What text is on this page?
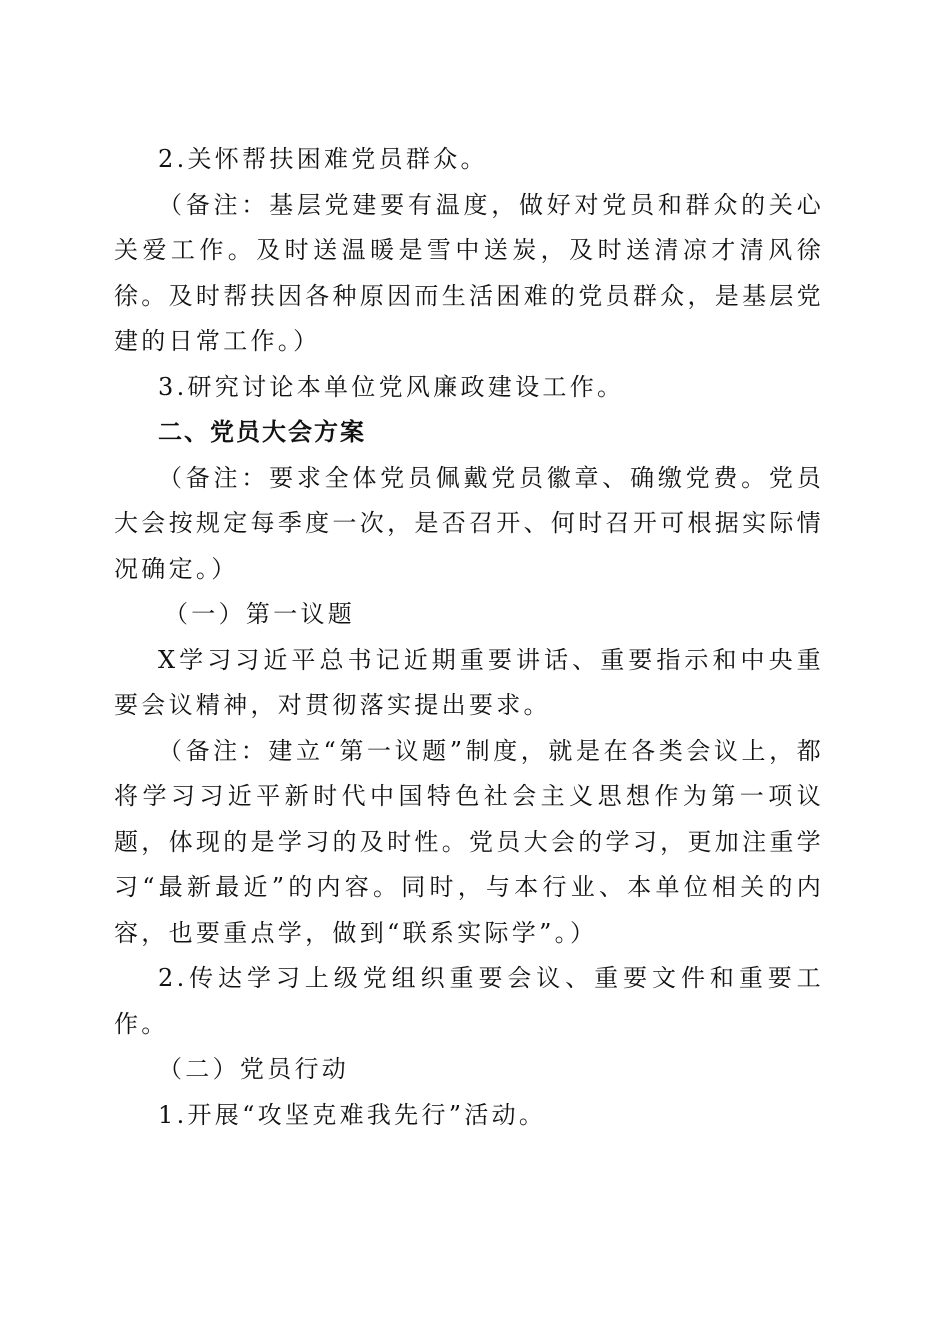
2.关怀帮扶困难党员群众。

（备注：基层党建要有温度，做好对党员和群众的关心关爱工作。及时送温暖是雪中送炭，及时送清凉才清风徐徐。及时帮扶因各种原因而生活困难的党员群众，是基层党建的日常工作。）

3.研究讨论本单位党风廉政建设工作。

二、党员大会方案

（备注：要求全体党员佩戴党员徽章、确缴党费。党员大会按规定每季度一次，是否召开、何时召开可根据实际情况确定。）

（一）第一议题

X学习习近平总书记近期重要讲话、重要指示和中央重要会议精神，对贯彻落实提出要求。

（备注：建立“第一议题”制度，就是在各类会议上，都将学习习近平新时代中国特色社会主义思想作为第一项议题，体现的是学习的及时性。党员大会的学习，更加注重学习“最新最近”的内容。同时，与本行业、本单位相关的内容，也要重点学，做到“联系实际学”。）

2.传达学习上级党组织重要会议、重要文件和重要工作。

（二）党员行动

1.开展“攻坚克难我先行”活动。
